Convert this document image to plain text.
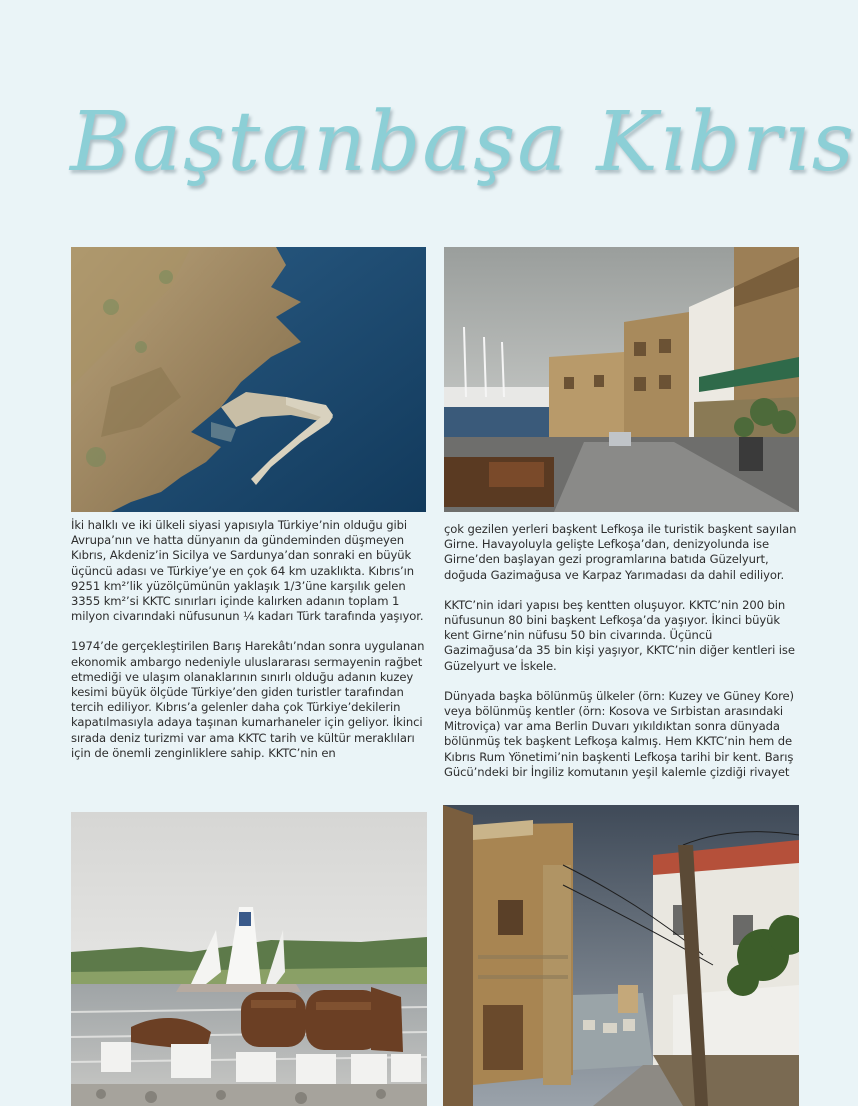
Baştanbaşa Kıbrıs

İki halklı ve iki ülkeli siyasi yapısıyla Türkiye’nin olduğu gibi Avrupa’nın ve hatta dünyanın da gündeminden düşmeyen Kıbrıs, Akdeniz’in Sicilya ve Sardunya’dan sonraki en büyük üçüncü adası ve Türkiye’ye en çok 64 km uzaklıkta. Kıbrıs’ın 9251 km²’lik yüzölçümünün yaklaşık 1/3’üne karşılık gelen 3355 km²’si KKTC sınırları içinde kalırken adanın toplam 1 milyon civarındaki nüfusunun ¼ kadarı Türk tarafında yaşıyor.

1974’de gerçekleştirilen Barış Harekâtı’ndan sonra uygulanan ekonomik ambargo nedeniyle uluslararası sermayenin rağbet etmediği ve ulaşım olanaklarının sınırlı olduğu adanın kuzey kesimi büyük ölçüde Türkiye’den giden turistler tarafından tercih ediliyor. Kıbrıs’a gelenler daha çok Türkiye’dekilerin kapatılmasıyla adaya taşınan kumarhaneler için geliyor. İkinci sırada deniz turizmi var ama KKTC tarih ve kültür meraklıları için de önemli zenginliklere sahip. KKTC’nin en

çok gezilen yerleri başkent Lefkoşa ile turistik başkent sayılan Girne. Havayoluyla gelişte Lefkoşa’dan, denizyolunda ise Girne’den başlayan gezi programlarına batıda Güzelyurt, doğuda Gazimağusa ve Karpaz Yarımadası da dahil ediliyor.

KKTC’nin idari yapısı beş kentten oluşuyor. KKTC’nin 200 bin nüfusunun 80 bini başkent Lefkoşa’da yaşıyor. İkinci büyük kent Girne’nin nüfusu 50 bin civarında. Üçüncü Gazimağusa’da 35 bin kişi yaşıyor, KKTC’nin diğer kentleri ise Güzelyurt ve İskele.

Dünyada başka bölünmüş ülkeler (örn: Kuzey ve Güney Kore) veya bölünmüş kentler (örn: Kosova ve Sırbistan arasındaki Mitroviça) var ama Berlin Duvarı yıkıldıktan sonra dünyada bölünmüş tek başkent Lefkoşa kalmış. Hem KKTC’nin hem de Kıbrıs Rum Yönetimi’nin başkenti Lefkoşa tarihi bir kent. Barış Gücü’ndeki bir İngiliz komutanın yeşil kalemle çizdiği rivayet
